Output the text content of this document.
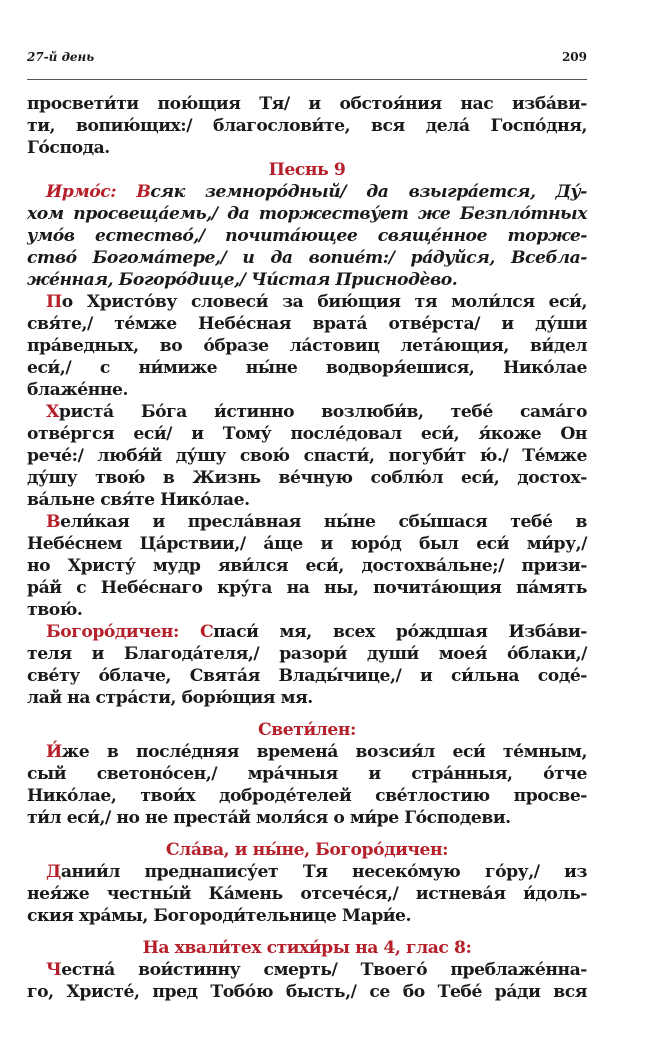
27-й день	209
просвети́ти пою́щия Тя/ и обстоя́ния нас изба́ви-
ти, вопию́щих:/ благослови́те, вся дела́ Госпо́дня,
Го́спода.
Песнь 9
Ирмо́с: Всяк земноро́дный/ да взыгра́ется, Ду́-
хом просвеща́емь,/ да торжеству́ет же Безпло́тных
умо́в естество́,/ почита́ющее свяще́нное торже-
ство́ Богома́тере,/ и да вопие́т:/ ра́дуйся, Всебла-
же́нная, Богоро́дице,/ Чи́стая Приснодѐво.
По Христо́ву словеси́ за бию́щия тя моли́лся еси́,
свя́те,/ те́мже Небе́сная врата́ отве́рста/ и ду́ши
пра́ведных, во о́бразе ла́стовиц лета́ющия, ви́дел
еси́,/ с ни́миже ны́не водворя́ешися, Нико́лае
блаже́нне.
Христа́ Бо́га и́стинно возлюби́в, тебе́ сама́го
отве́ргся еси́/ и Тому́ после́довал еси́, я́коже Он
рече́:/ любя́й ду́шу свою́ спасти́, погуби́т ю́./ Те́мже
ду́шу твою́ в Жизнь ве́чную соблю́л еси́, достох-
ва́льне свя́те Нико́лае.
Вели́кая и пресла́вная ны́не сбы́шася тебе́ в
Небе́снем Ца́рствии,/ а́ще и юро́д был еси́ ми́ру,/
но Христу́ мудр яви́лся еси́, достохва́льне;/ призи-
ра́й с Небе́снаго кру́га на ны, почита́ющия па́мять
твою́.
Богоро́дичен: Спаси́ мя, всех ро́ждшая Изба́ви-
теля и Благода́теля,/ разори́ души́ моея́ о́блаки,/
све́ту о́блаче, Свята́я Влады́чице,/ и си́льна соде́-
лай на стра́сти, борю́щия мя.
Свети́лен:
И́же в после́дняя времена́ возсия́л еси́ те́мным,
сый светоно́сен,/ мра́чныя и стра́нныя, о́тче
Нико́лае, твои́х доброде́телей све́тлостию просве-
ти́л еси́,/ но не преста́й моля́ся о ми́ре Го́сподеви.
Сла́ва, и ны́не, Богоро́дичен:
Дании́л преднапису́ет Тя несеко́мую го́ру,/ из
нея́же честны́й Ка́мень отсече́ся,/ истнева́я и́доль-
ския хра́мы, Богороди́тельнице Мари́е.
На хвали́тех стихи́ры на 4, глас 8:
Честна́ вои́стинну смерть/ Твоего́ преблаже́нна-
го, Христе́, пред Тобо́ю бысть,/ се бо Тебе́ ра́ди вся
